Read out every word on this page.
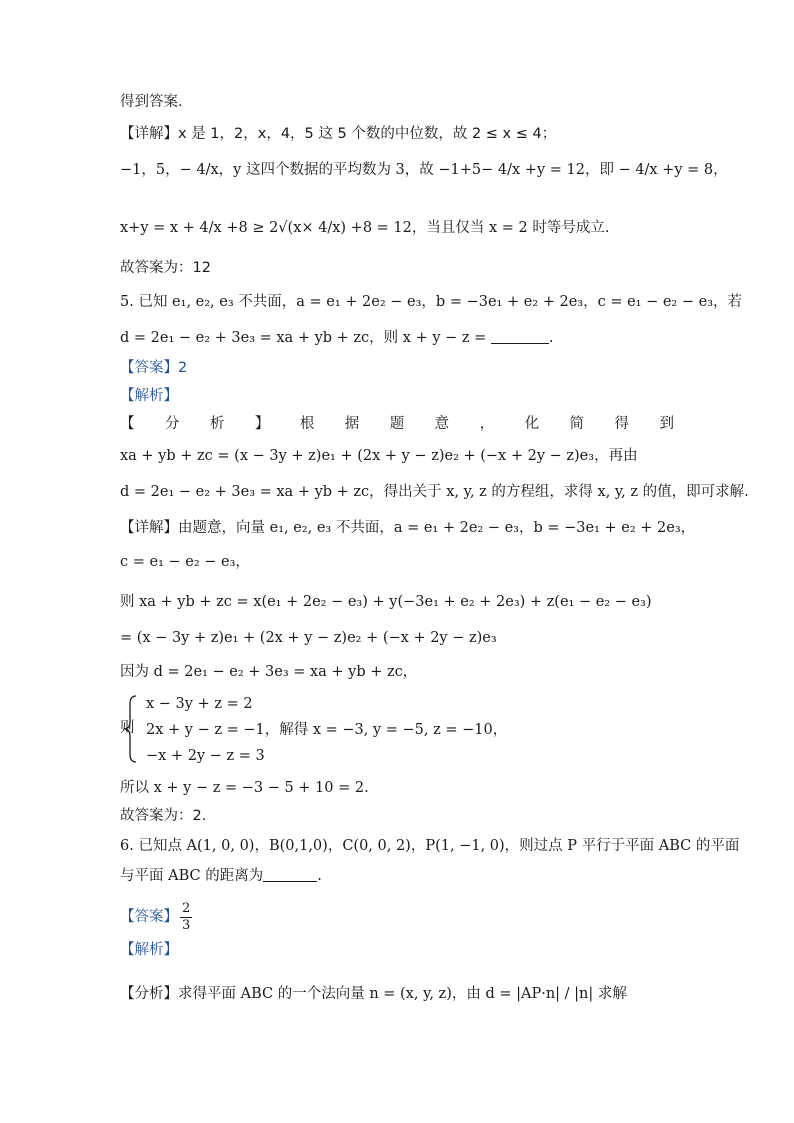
得到答案.
【详解】x 是 1，2，x，4，5 这 5 个数的中位数，故 2 ≤ x ≤ 4；
−1，5，− 4/x，y 这四个数据的平均数为 3，故 −1+5− 4/x +y = 12，即 − 4/x +y = 8，
x+y = x + 4/x +8 ≥ 2√(x× 4/x) +8 = 12，当且仅当 x = 2 时等号成立.
故答案为：12
5. 已知 e₁, e₂, e₃ 不共面，a = e₁ + 2e₂ − e₃，b = −3e₁ + e₂ + 2e₃，c = e₁ − e₂ − e₃，若
d = 2e₁ − e₂ + 3e₃ = xa + yb + zc，则 x + y − z =	.
【答案】2
【解析】
【 分 析 】 根 据 题 意 ， 化 简 得 到
xa + yb + zc = (x − 3y + z)e₁ + (2x + y − z)e₂ + (−x + 2y − z)e₃，再由
d = 2e₁ − e₂ + 3e₃ = xa + yb + zc，得出关于 x, y, z 的方程组，求得 x, y, z 的值，即可求解.
【详解】由题意，向量 e₁, e₂, e₃ 不共面，a = e₁ + 2e₂ − e₃，b = −3e₁ + e₂ + 2e₃，
c = e₁ − e₂ − e₃，
则 xa + yb + zc = x(e₁ + 2e₂ − e₃) + y(−3e₁ + e₂ + 2e₃) + z(e₁ − e₂ − e₃)
= (x − 3y + z)e₁ + (2x + y − z)e₂ + (−x + 2y − z)e₃
因为 d = 2e₁ − e₂ + 3e₃ = xa + yb + zc，
则
x − 3y + z = 2
2x + y − z = −1，解得 x = −3, y = −5, z = −10，
−x + 2y − z = 3
所以 x + y − z = −3 − 5 + 10 = 2.
故答案为：2.
6. 已知点 A(1, 0, 0)，B(0,1,0)，C(0, 0, 2)，P(1, −1, 0)，则过点 P 平行于平面 ABC 的平面
与平面 ABC 的距离为	.
【答案】 $\frac{2}{3}$
【解析】
【分析】求得平面 ABC 的一个法向量 n = (x, y, z)，由 d = |AP·n| / |n| 求解
